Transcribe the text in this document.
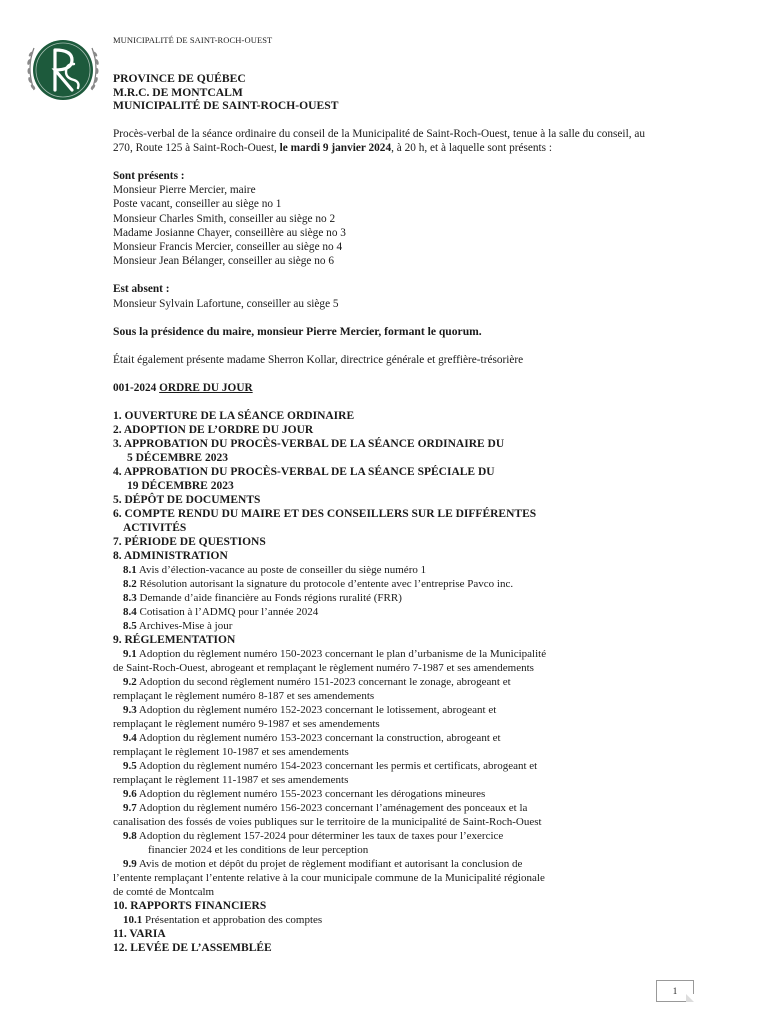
MUNICIPALITÉ DE SAINT-ROCH-OUEST
PROVINCE DE QUÉBEC
M.R.C. DE MONTCALM
MUNICIPALITÉ DE SAINT-ROCH-OUEST

Procès-verbal de la séance ordinaire du conseil de la Municipalité de Saint-Roch-Ouest, tenue à la salle du conseil, au 270, Route 125 à Saint-Roch-Ouest, le mardi 9 janvier 2024, à 20 h, et à laquelle sont présents :

Sont présents :
Monsieur Pierre Mercier, maire
Poste vacant, conseiller au siège no 1
Monsieur Charles Smith, conseiller au siège no 2
Madame Josianne Chayer, conseillère au siège no 3
Monsieur Francis Mercier, conseiller au siège no 4
Monsieur Jean Bélanger, conseiller au siège no 6
Est absent :
Monsieur Sylvain Lafortune, conseiller au siège 5
Sous la présidence du maire, monsieur Pierre Mercier, formant le quorum.
Était également présente madame Sherron Kollar, directrice générale et greffière-trésorière
001-2024 ORDRE DU JOUR
1. OUVERTURE DE LA SÉANCE ORDINAIRE
2. ADOPTION DE L’ORDRE DU JOUR
3. APPROBATION DU PROCÈS-VERBAL DE LA SÉANCE ORDINAIRE DU
5 DÉCEMBRE 2023
4. APPROBATION DU PROCÈS-VERBAL DE LA SÉANCE SPÉCIALE DU
19 DÉCEMBRE 2023
5. DÉPÔT DE DOCUMENTS
6. COMPTE RENDU DU MAIRE ET DES CONSEILLERS SUR LE DIFFÉRENTES
ACTIVITÉS
7. PÉRIODE DE QUESTIONS
8. ADMINISTRATION
8.1 Avis d’élection-vacance au poste de conseiller du siège numéro 1
8.2 Résolution autorisant la signature du protocole d’entente avec l’entreprise Pavco inc.
8.3 Demande d’aide financière au Fonds régions ruralité (FRR)
8.4 Cotisation à l’ADMQ pour l’année 2024
8.5 Archives-Mise à jour
9. RÉGLEMENTATION
9.1 Adoption du règlement numéro 150-2023 concernant le plan d’urbanisme de la Municipalité
de Saint-Roch-Ouest, abrogeant et remplaçant le règlement numéro 7-1987 et ses amendements
9.2 Adoption du second règlement numéro 151-2023 concernant le zonage, abrogeant et
remplaçant le règlement numéro 8-187 et ses amendements
9.3 Adoption du règlement numéro 152-2023 concernant le lotissement, abrogeant et
remplaçant le règlement numéro 9-1987 et ses amendements
9.4 Adoption du règlement numéro 153-2023 concernant la construction, abrogeant et
remplaçant le règlement 10-1987 et ses amendements
9.5 Adoption du règlement numéro 154-2023 concernant les permis et certificats, abrogeant et
remplaçant le règlement 11-1987 et ses amendements
9.6 Adoption du règlement numéro 155-2023 concernant les dérogations mineures
9.7 Adoption du règlement numéro 156-2023 concernant l’aménagement des ponceaux et la
canalisation des fossés de voies publiques sur le territoire de la municipalité de Saint-Roch-Ouest
9.8 Adoption du règlement 157-2024 pour déterminer les taux de taxes pour l’exercice
financier 2024 et les conditions de leur perception
9.9 Avis de motion et dépôt du projet de règlement modifiant et autorisant la conclusion de
l’entente remplaçant l’entente relative à la cour municipale commune de la Municipalité régionale
de comté de Montcalm
10. RAPPORTS FINANCIERS
10.1 Présentation et approbation des comptes
11. VARIA
12. LEVÉE DE L’ASSEMBLÉE
1
